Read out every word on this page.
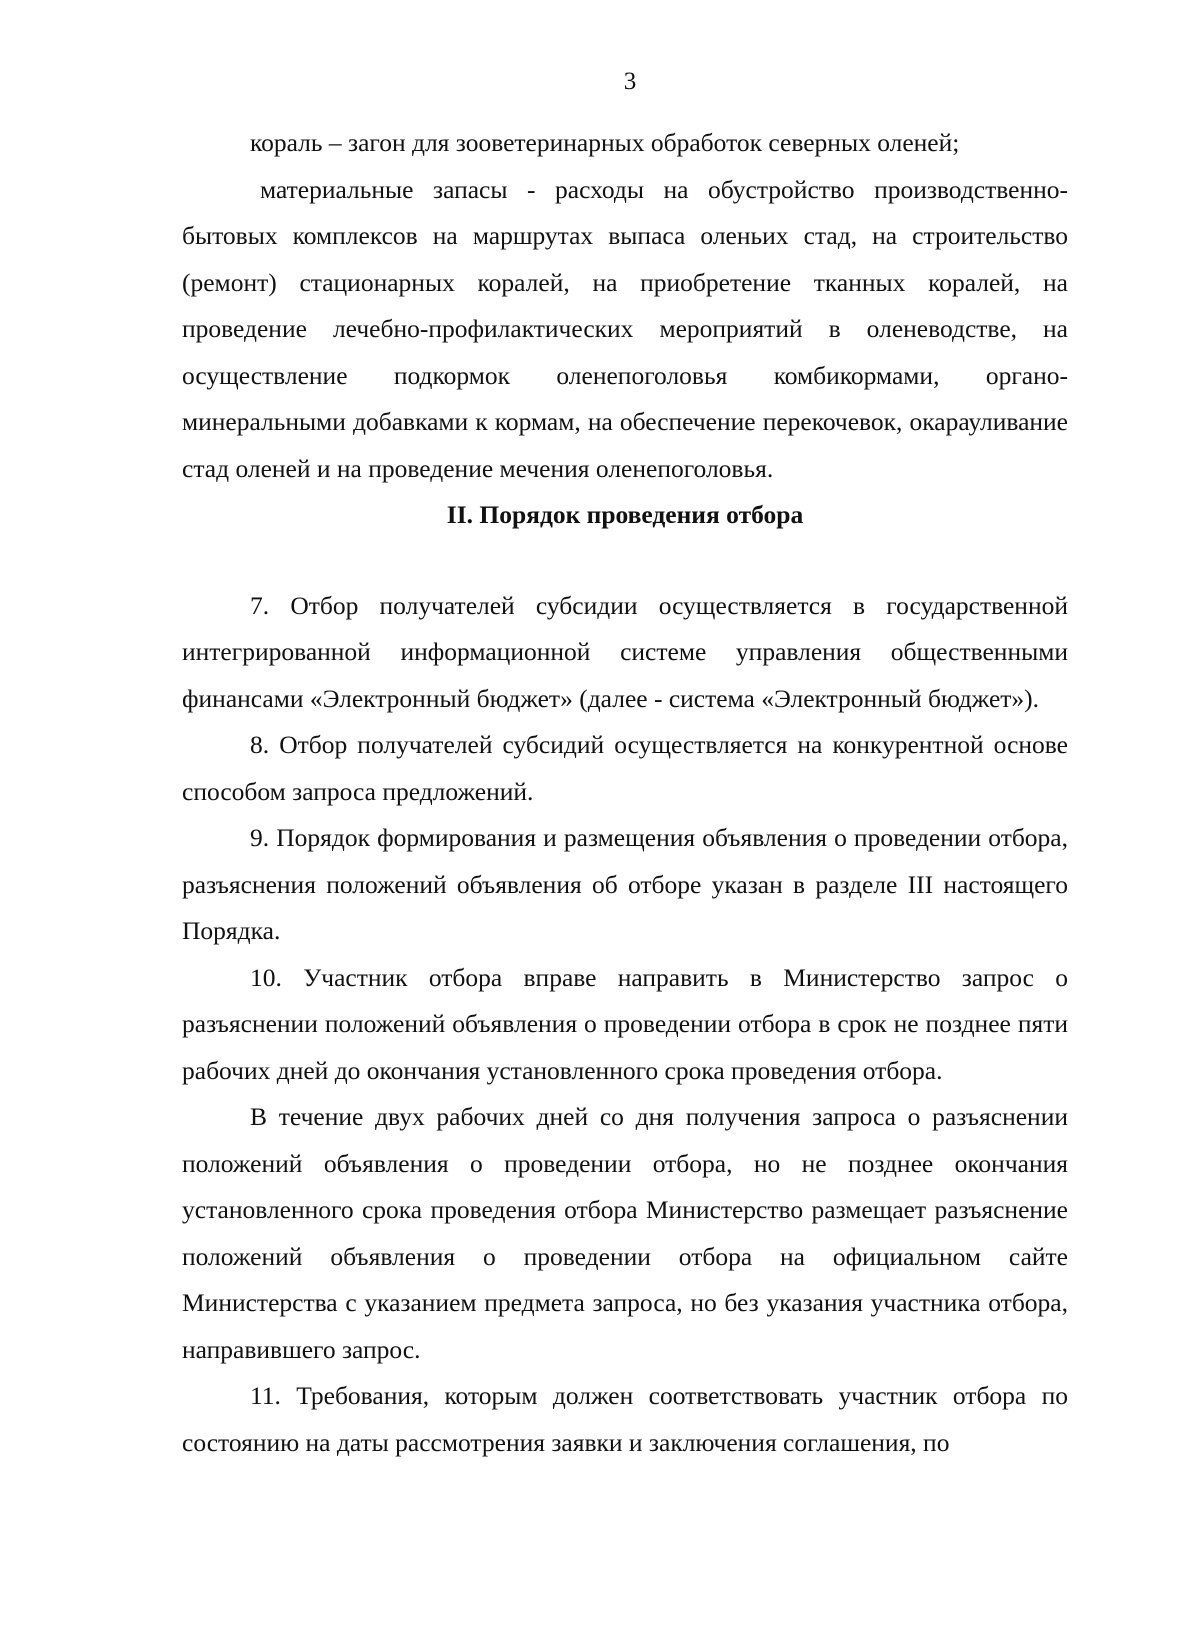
3

кораль – загон для зооветеринарных обработок северных оленей;

материальные запасы - расходы на обустройство производственно-бытовых комплексов на маршрутах выпаса оленьих стад, на строительство (ремонт) стационарных коралей, на приобретение тканных коралей, на проведение лечебно-профилактических мероприятий в оленеводстве, на осуществление подкормок оленепоголовья комбикормами, органо-минеральными добавками к кормам, на обеспечение перекочевок, окарауливание стад оленей и на проведение мечения оленепоголовья.

II. Порядок проведения отбора

7. Отбор получателей субсидии осуществляется в государственной интегрированной информационной системе управления общественными финансами «Электронный бюджет» (далее - система «Электронный бюджет»).

8. Отбор получателей субсидий осуществляется на конкурентной основе способом запроса предложений.

9. Порядок формирования и размещения объявления о проведении отбора, разъяснения положений объявления об отборе указан в разделе III настоящего Порядка.

10. Участник отбора вправе направить в Министерство запрос о разъяснении положений объявления о проведении отбора в срок не позднее пяти рабочих дней до окончания установленного срока проведения отбора.

В течение двух рабочих дней со дня получения запроса о разъяснении положений объявления о проведении отбора, но не позднее окончания установленного срока проведения отбора Министерство размещает разъяснение положений объявления о проведении отбора на официальном сайте Министерства с указанием предмета запроса, но без указания участника отбора, направившего запрос.

11. Требования, которым должен соответствовать участник отбора по состоянию на даты рассмотрения заявки и заключения соглашения, по
